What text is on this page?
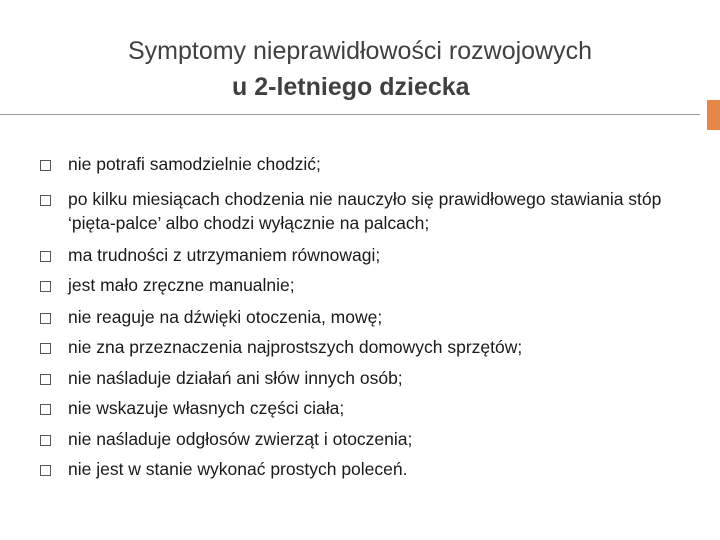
Symptomy nieprawidłowości rozwojowych
u 2-letniego dziecka
nie potrafi samodzielnie chodzić;
po kilku miesiącach chodzenia nie nauczyło się prawidłowego stawiania stóp ‘pięta-palce’ albo chodzi wyłącznie na palcach;
ma trudności z utrzymaniem równowagi;
jest mało zręczne manualnie;
nie reaguje na dźwięki otoczenia, mowę;
nie zna przeznaczenia najprostszych domowych sprzętów;
nie naśladuje działań ani słów innych osób;
nie wskazuje własnych części ciała;
nie naśladuje odgłosów zwierząt i otoczenia;
nie jest w stanie wykonać prostych poleceń.
